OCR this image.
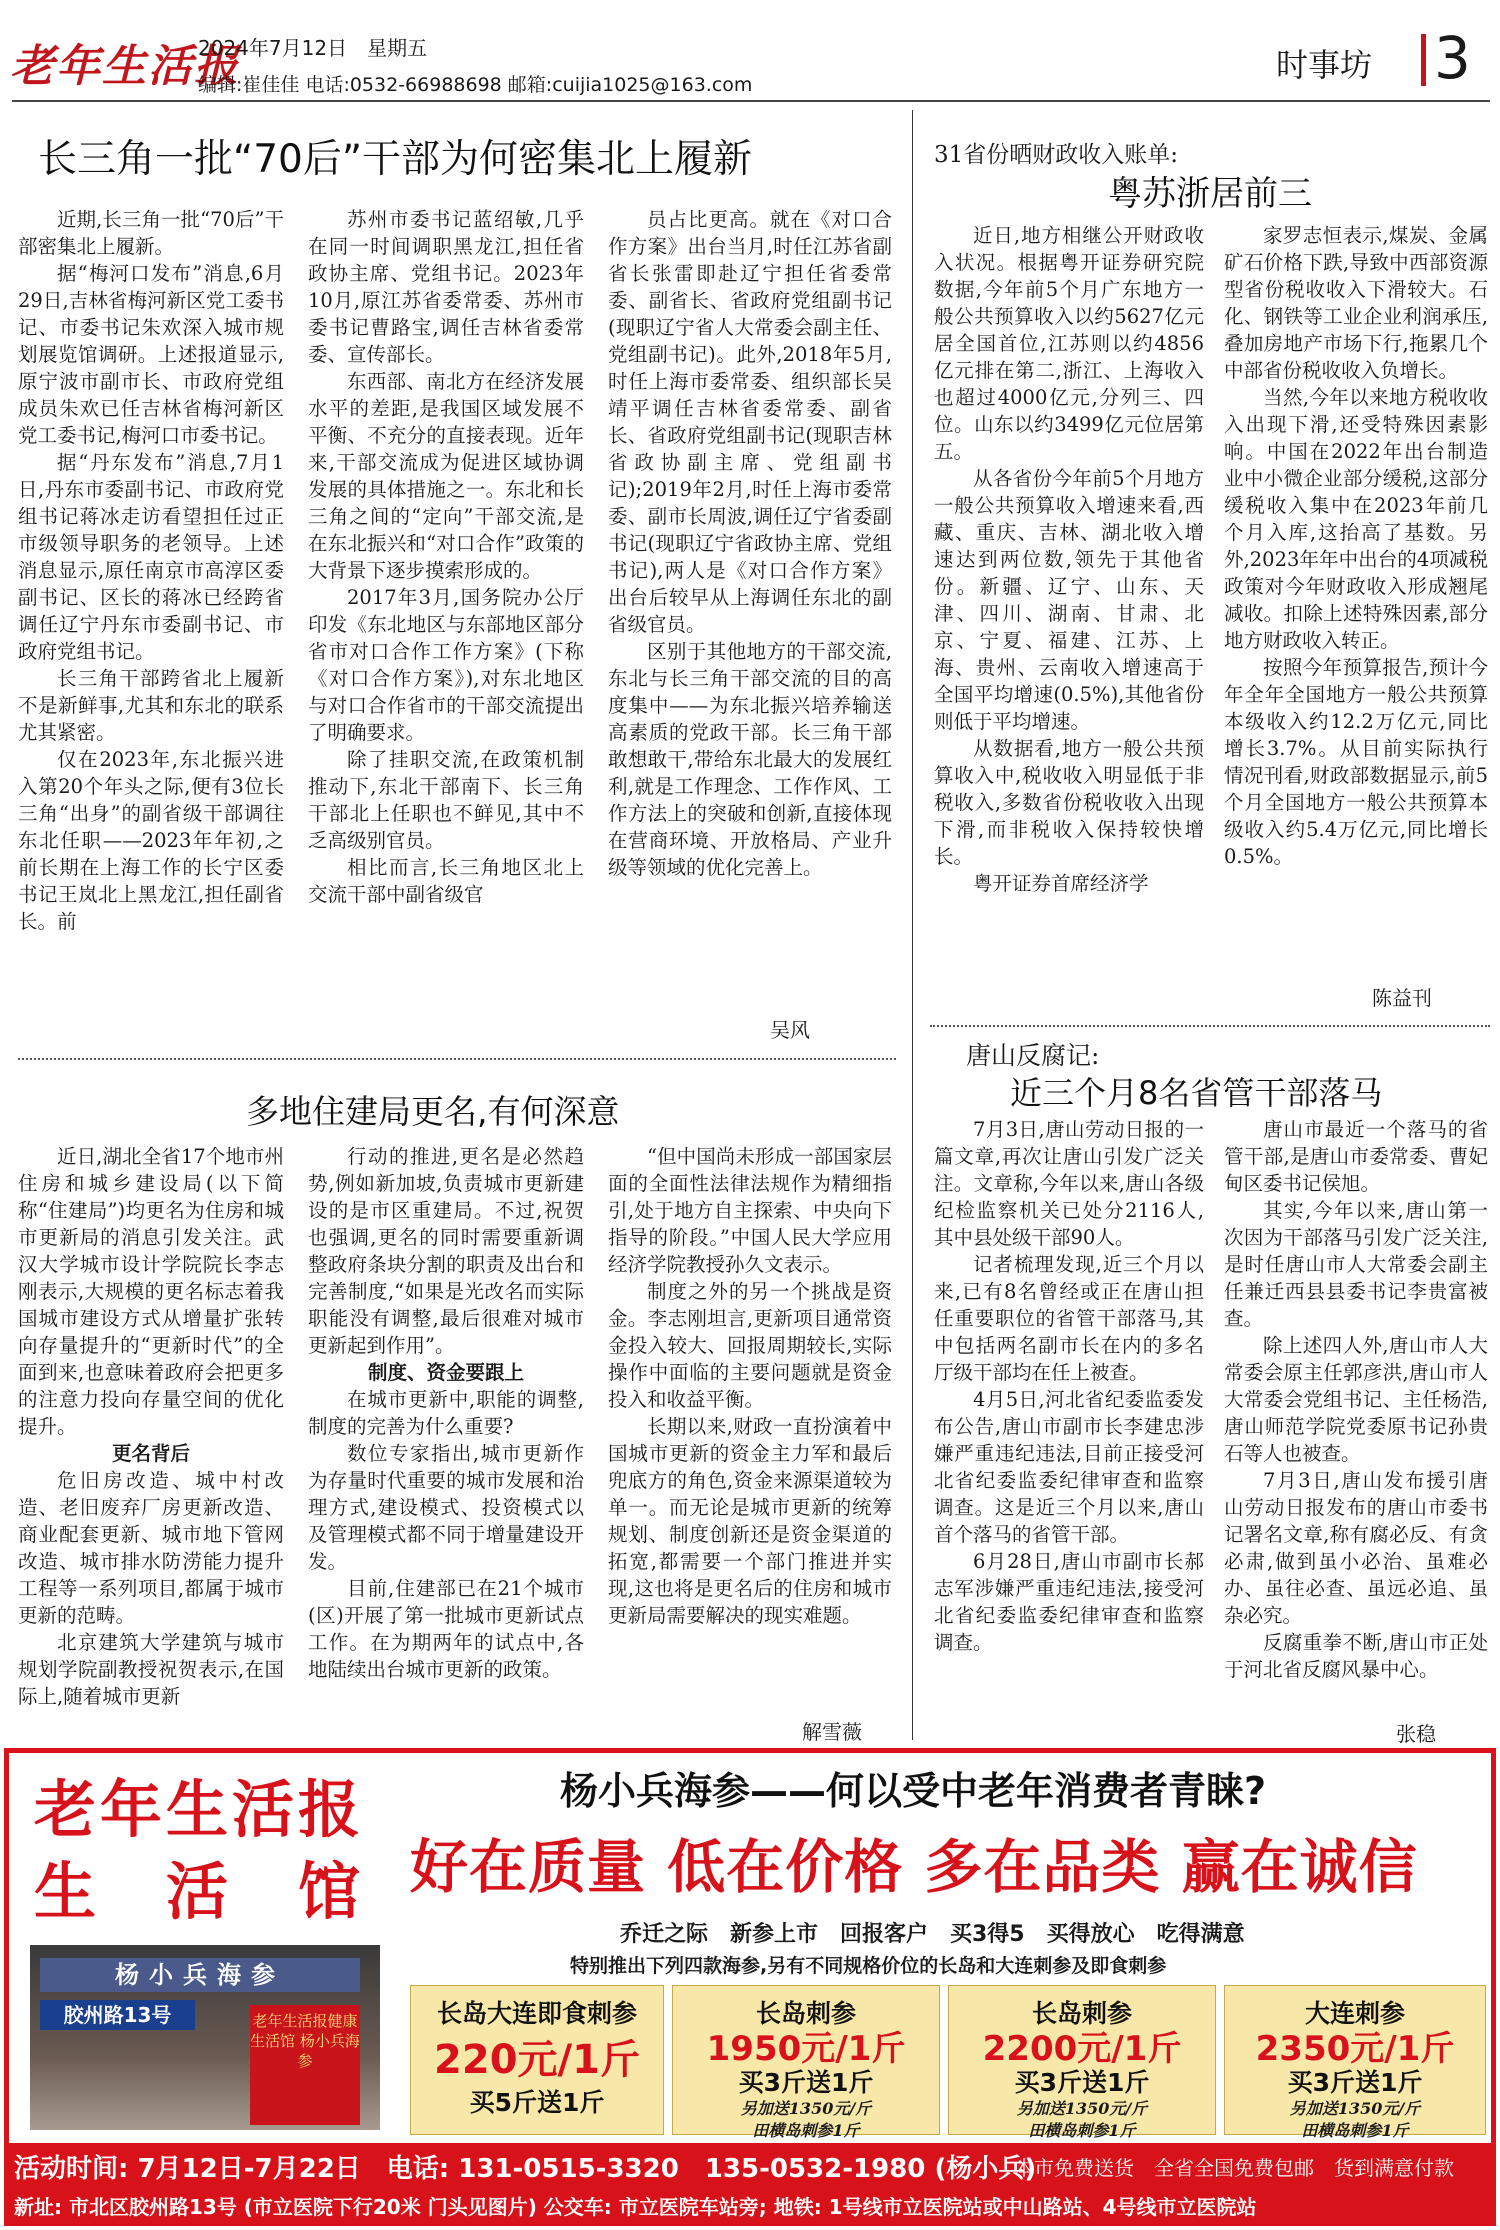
老年生活报
2024年7月12日　星期五
编辑:崔佳佳 电话:0532-66988698 邮箱:cuijia1025@163.com
时事坊 3
长三角一批“70后”干部为何密集北上履新

近期,长三角一批“70后”干部密集北上履新。

据“梅河口发布”消息,6月29日,吉林省梅河新区党工委书记、市委书记朱欢深入城市规划展览馆调研。上述报道显示,原宁波市副市长、市政府党组成员朱欢已任吉林省梅河新区党工委书记,梅河口市委书记。

据“丹东发布”消息,7月1日,丹东市委副书记、市政府党组书记蒋冰走访看望担任过正市级领导职务的老领导。上述消息显示,原任南京市高淳区委副书记、区长的蒋冰已经跨省调任辽宁丹东市委副书记、市政府党组书记。

长三角干部跨省北上履新不是新鲜事,尤其和东北的联系尤其紧密。

仅在2023年,东北振兴进入第20个年头之际,便有3位长三角“出身”的副省级干部调往东北任职——2023年年初,之前长期在上海工作的长宁区委书记王岚北上黑龙江,担任副省长。前

苏州市委书记蓝绍敏,几乎在同一时间调职黑龙江,担任省政协主席、党组书记。2023年10月,原江苏省委常委、苏州市委书记曹路宝,调任吉林省委常委、宣传部长。

东西部、南北方在经济发展水平的差距,是我国区域发展不平衡、不充分的直接表现。近年来,干部交流成为促进区域协调发展的具体措施之一。东北和长三角之间的“定向”干部交流,是在东北振兴和“对口合作”政策的大背景下逐步摸索形成的。

2017年3月,国务院办公厅印发《东北地区与东部地区部分省市对口合作工作方案》(下称《对口合作方案》),对东北地区与对口合作省市的干部交流提出了明确要求。

除了挂职交流,在政策机制推动下,东北干部南下、长三角干部北上任职也不鲜见,其中不乏高级别官员。

相比而言,长三角地区北上交流干部中副省级官

员占比更高。就在《对口合作方案》出台当月,时任江苏省副省长张雷即赴辽宁担任省委常委、副省长、省政府党组副书记(现职辽宁省人大常委会副主任、党组副书记)。此外,2018年5月,时任上海市委常委、组织部长吴靖平调任吉林省委常委、副省长、省政府党组副书记(现职吉林省政协副主席、党组副书记);2019年2月,时任上海市委常委、副市长周波,调任辽宁省委副书记(现职辽宁省政协主席、党组书记),两人是《对口合作方案》出台后较早从上海调任东北的副省级官员。

区别于其他地方的干部交流,东北与长三角干部交流的目的高度集中——为东北振兴培养输送高素质的党政干部。长三角干部敢想敢干,带给东北最大的发展红利,就是工作理念、工作作风、工作方法上的突破和创新,直接体现在营商环境、开放格局、产业升级等领域的优化完善上。

吴风
31省份晒财政收入账单:
粤苏浙居前三

近日,地方相继公开财政收入状况。根据粤开证券研究院数据,今年前5个月广东地方一般公共预算收入以约5627亿元居全国首位,江苏则以约4856亿元排在第二,浙江、上海收入也超过4000亿元,分列三、四位。山东以约3499亿元位居第五。

从各省份今年前5个月地方一般公共预算收入增速来看,西藏、重庆、吉林、湖北收入增速达到两位数,领先于其他省份。新疆、辽宁、山东、天津、四川、湖南、甘肃、北京、宁夏、福建、江苏、上海、贵州、云南收入增速高于全国平均增速(0.5%),其他省份则低于平均增速。

从数据看,地方一般公共预算收入中,税收收入明显低于非税收入,多数省份税收收入出现下滑,而非税收入保持较快增长。

粤开证券首席经济学

家罗志恒表示,煤炭、金属矿石价格下跌,导致中西部资源型省份税收收入下滑较大。石化、钢铁等工业企业利润承压,叠加房地产市场下行,拖累几个中部省份税收收入负增长。

当然,今年以来地方税收收入出现下滑,还受特殊因素影响。中国在2022年出台制造业中小微企业部分缓税,这部分缓税收入集中在2023年前几个月入库,这抬高了基数。另外,2023年年中出台的4项减税政策对今年财政收入形成翘尾减收。扣除上述特殊因素,部分地方财政收入转正。

按照今年预算报告,预计今年全年全国地方一般公共预算本级收入约12.2万亿元,同比增长3.7%。从目前实际执行情况刊看,财政部数据显示,前5个月全国地方一般公共预算本级收入约5.4万亿元,同比增长0.5%。

陈益刊
多地住建局更名,有何深意

近日,湖北全省17个地市州住房和城乡建设局(以下简称“住建局”)均更名为住房和城市更新局的消息引发关注。武汉大学城市设计学院院长李志刚表示,大规模的更名标志着我国城市建设方式从增量扩张转向存量提升的“更新时代”的全面到来,也意味着政府会把更多的注意力投向存量空间的优化提升。

更名背后

危旧房改造、城中村改造、老旧废弃厂房更新改造、商业配套更新、城市地下管网改造、城市排水防涝能力提升工程等一系列项目,都属于城市更新的范畴。

北京建筑大学建筑与城市规划学院副教授祝贺表示,在国际上,随着城市更新

行动的推进,更名是必然趋势,例如新加坡,负责城市更新建设的是市区重建局。不过,祝贺也强调,更名的同时需要重新调整政府条块分割的职责及出台和完善制度,“如果是光改名而实际职能没有调整,最后很难对城市更新起到作用”。

制度、资金要跟上

在城市更新中,职能的调整,制度的完善为什么重要?

数位专家指出,城市更新作为存量时代重要的城市发展和治理方式,建设模式、投资模式以及管理模式都不同于增量建设开发。

目前,住建部已在21个城市(区)开展了第一批城市更新试点工作。在为期两年的试点中,各地陆续出台城市更新的政策。

“但中国尚未形成一部国家层面的全面性法律法规作为精细指引,处于地方自主探索、中央向下指导的阶段。”中国人民大学应用经济学院教授孙久文表示。

制度之外的另一个挑战是资金。李志刚坦言,更新项目通常资金投入较大、回报周期较长,实际操作中面临的主要问题就是资金投入和收益平衡。

长期以来,财政一直扮演着中国城市更新的资金主力军和最后兜底方的角色,资金来源渠道较为单一。而无论是城市更新的统筹规划、制度创新还是资金渠道的拓宽,都需要一个部门推进并实现,这也将是更名后的住房和城市更新局需要解决的现实难题。

解雪薇
唐山反腐记:
近三个月8名省管干部落马

7月3日,唐山劳动日报的一篇文章,再次让唐山引发广泛关注。文章称,今年以来,唐山各级纪检监察机关已处分2116人,其中县处级干部90人。

记者梳理发现,近三个月以来,已有8名曾经或正在唐山担任重要职位的省管干部落马,其中包括两名副市长在内的多名厅级干部均在任上被查。

4月5日,河北省纪委监委发布公告,唐山市副市长李建忠涉嫌严重违纪违法,目前正接受河北省纪委监委纪律审查和监察调查。这是近三个月以来,唐山首个落马的省管干部。

6月28日,唐山市副市长郝志军涉嫌严重违纪违法,接受河北省纪委监委纪律审查和监察调查。

唐山市最近一个落马的省管干部,是唐山市委常委、曹妃甸区委书记侯旭。

其实,今年以来,唐山第一次因为干部落马引发广泛关注,是时任唐山市人大常委会副主任兼迁西县县委书记李贵富被查。

除上述四人外,唐山市人大常委会原主任郭彦洪,唐山市人大常委会党组书记、主任杨浩,唐山师范学院党委原书记孙贵石等人也被查。

7月3日,唐山发布援引唐山劳动日报发布的唐山市委书记署名文章,称有腐必反、有贪必肃,做到虽小必治、虽难必办、虽往必查、虽远必追、虽杂必究。

反腐重拳不断,唐山市正处于河北省反腐风暴中心。

张稳
老年生活报
生活馆
杨小兵海参
胶州路13号	老年生活报健康生活馆 杨小兵海参
杨小兵海参——何以受中老年消费者青睐?
好在质量 低在价格 多在品类 赢在诚信
乔迁之际　新参上市　回报客户　买3得5　买得放心　吃得满意
特别推出下列四款海参,另有不同规格价位的长岛和大连刺参及即食刺参
长岛大连即食刺参
220元/1斤
买5斤送1斤
长岛刺参
1950元/1斤
买3斤送1斤
另加送1350元/斤
田横岛刺参1斤
长岛刺参
2200元/1斤
买3斤送1斤
另加送1350元/斤
田横岛刺参1斤
大连刺参
2350元/1斤
买3斤送1斤
另加送1350元/斤
田横岛刺参1斤
活动时间: 7月12日-7月22日　电话: 131-0515-3320　135-0532-1980 (杨小兵)
本市免费送货　全省全国免费包邮　货到满意付款
新址: 市北区胶州路13号 (市立医院下行20米 门头见图片) 公交车: 市立医院车站旁; 地铁: 1号线市立医院站或中山路站、4号线市立医院站
